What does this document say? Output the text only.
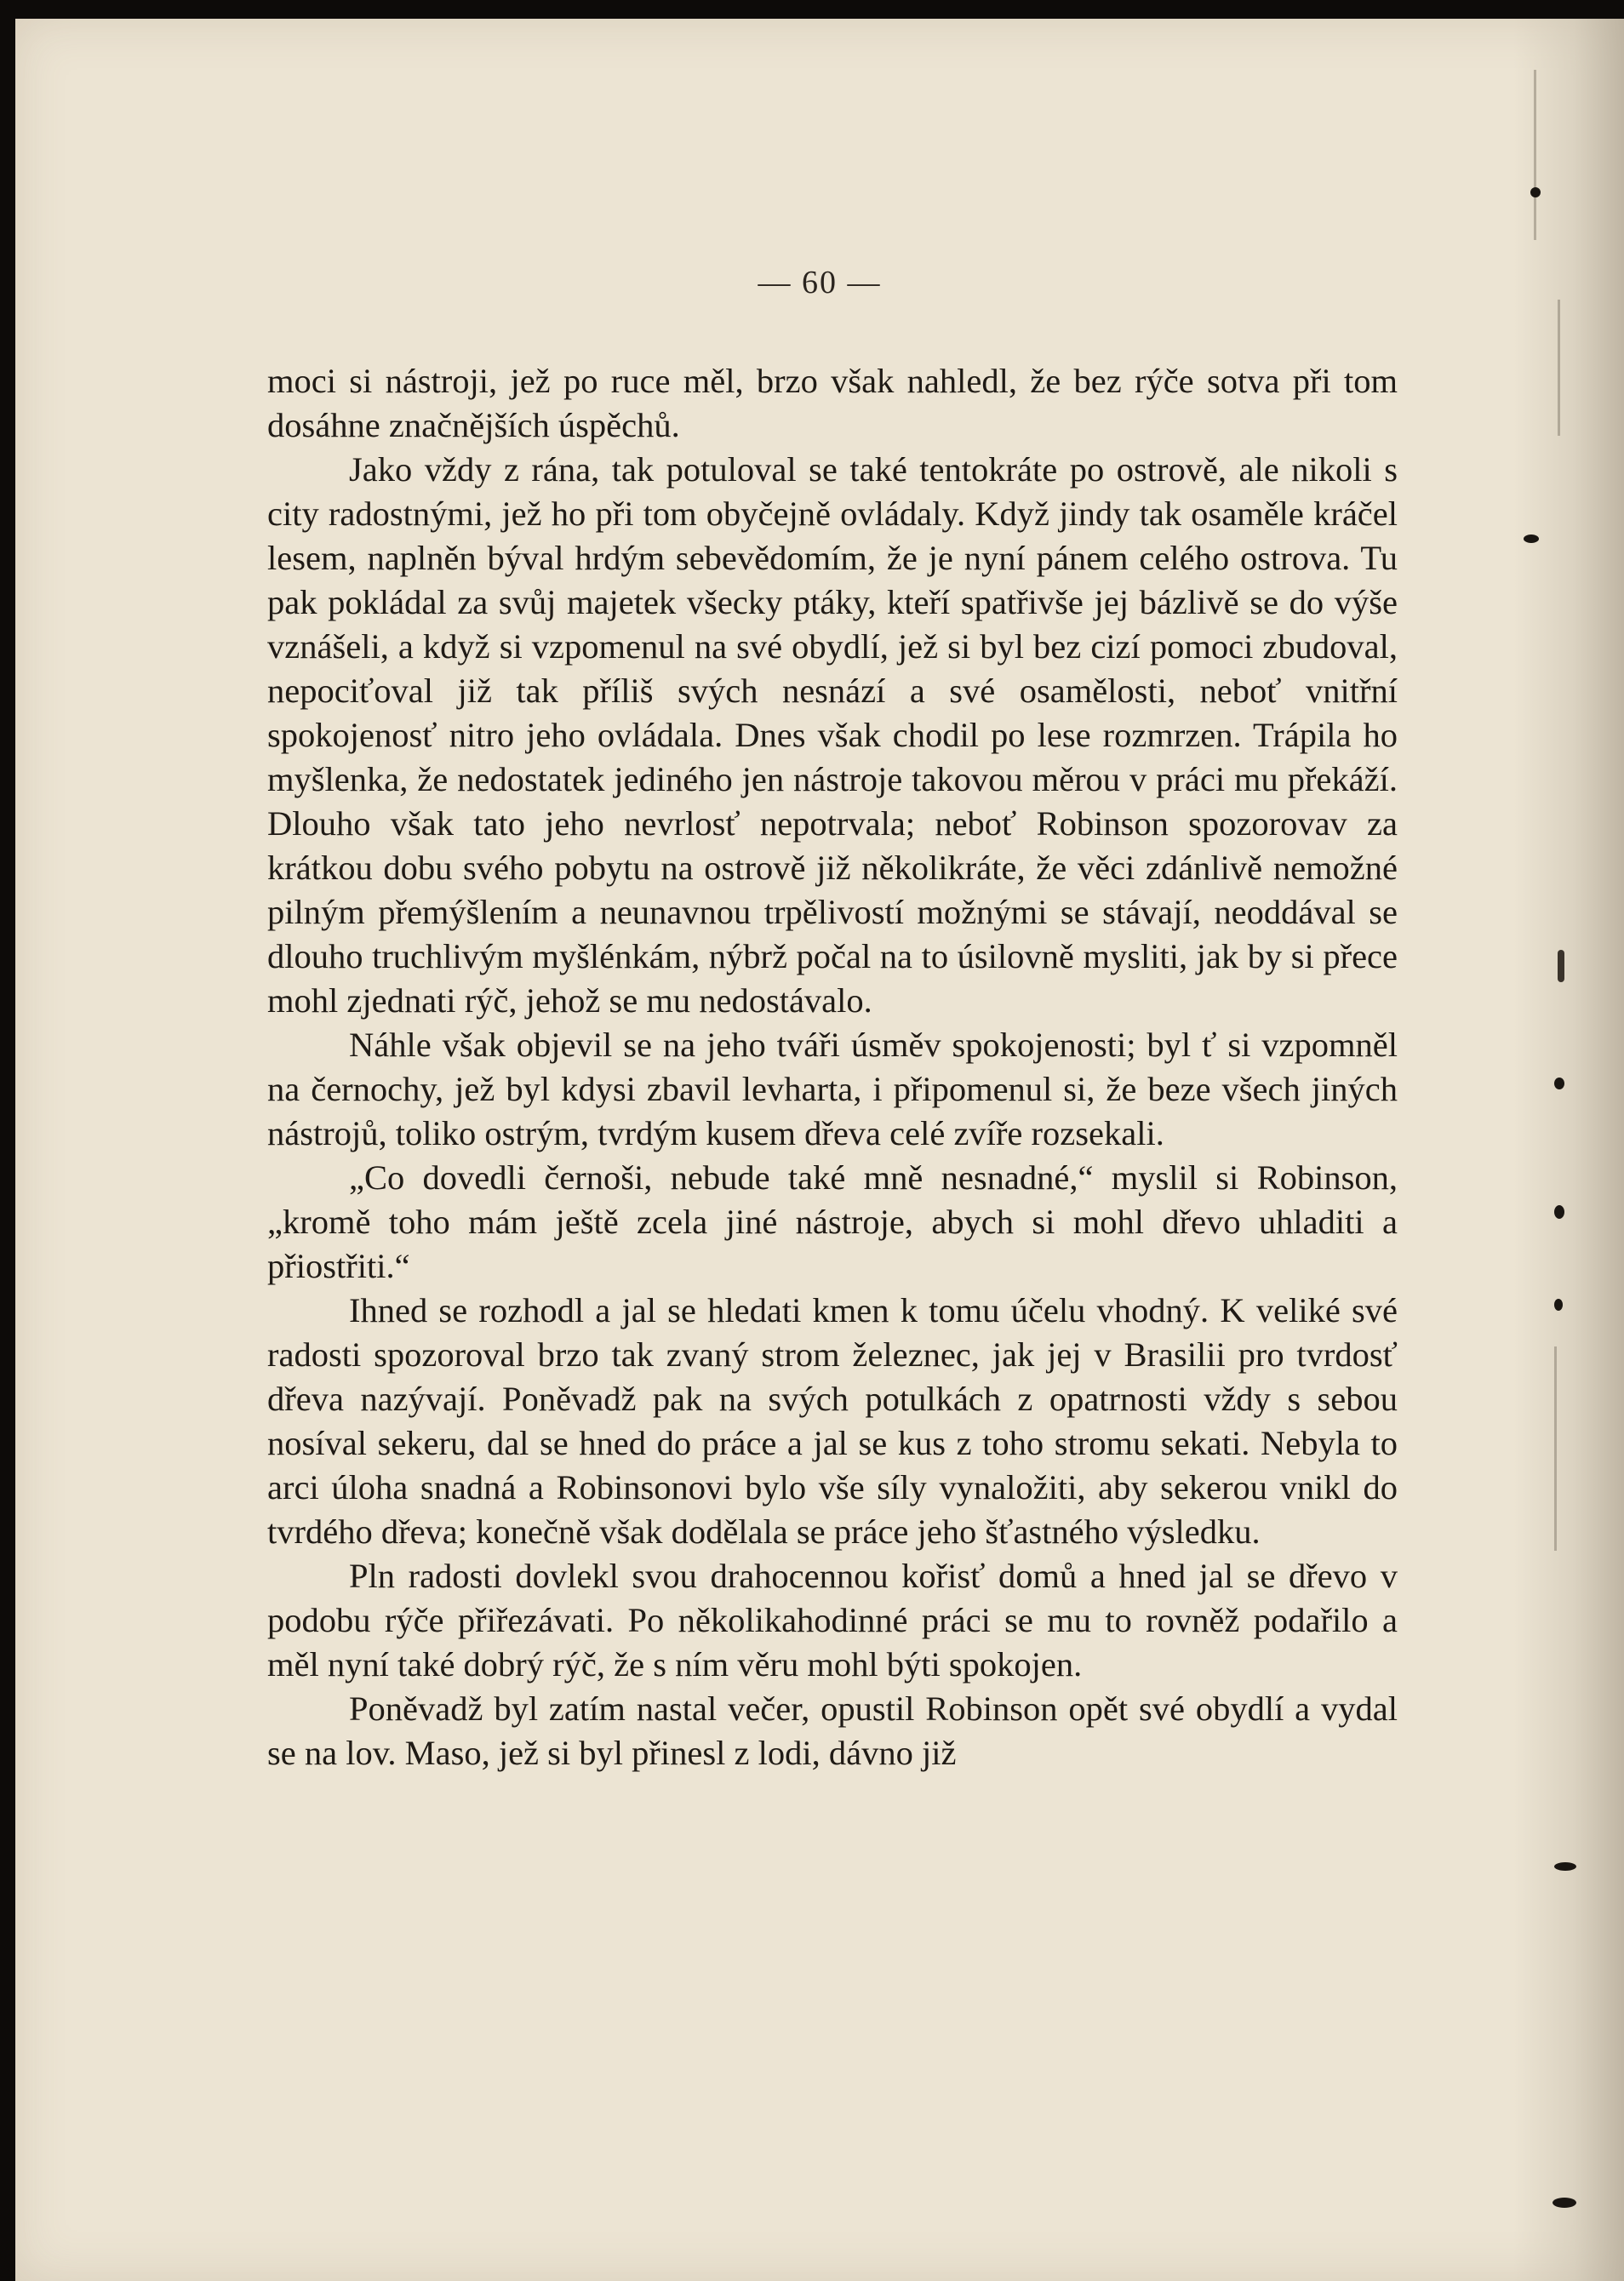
— 60 —

moci si nástroji, jež po ruce měl, brzo však nahledl, že bez rýče sotva při tom dosáhne značnějších úspěchů.

Jako vždy z rána, tak potuloval se také tentokráte po ostrově, ale nikoli s city radostnými, jež ho při tom obyčejně ovládaly. Když jindy tak osaměle kráčel lesem, naplněn býval hrdým sebevědomím, že je nyní pánem celého ostrova. Tu pak pokládal za svůj majetek všecky ptáky, kteří spatřivše jej bázlivě se do výše vznášeli, a když si vzpomenul na své obydlí, jež si byl bez cizí pomoci zbudoval, nepociťoval již tak příliš svých nesnází a své osamělosti, neboť vnitřní spokojenosť nitro jeho ovládala. Dnes však chodil po lese rozmrzen. Trápila ho myšlenka, že nedostatek jediného jen nástroje takovou měrou v práci mu překáží. Dlouho však tato jeho nevrlosť nepotrvala; neboť Robinson spozorovav za krátkou dobu svého pobytu na ostrově již několikráte, že věci zdánlivě nemožné pilným přemýšlením a neunavnou trpělivostí možnými se stávají, neoddával se dlouho truchlivým myšlénkám, nýbrž počal na to úsilovně mysliti, jak by si přece mohl zjednati rýč, jehož se mu nedostávalo.

Náhle však objevil se na jeho tváři úsměv spokojenosti; byl ť si vzpomněl na černochy, jež byl kdysi zbavil levharta, i připomenul si, že beze všech jiných nástrojů, toliko ostrým, tvrdým kusem dřeva celé zvíře rozsekali.

„Co dovedli černoši, nebude také mně nesnadné,“ myslil si Robinson, „kromě toho mám ještě zcela jiné nástroje, abych si mohl dřevo uhladiti a přiostřiti.“

Ihned se rozhodl a jal se hledati kmen k tomu účelu vhodný. K veliké své radosti spozoroval brzo tak zvaný strom železnec, jak jej v Brasilii pro tvrdosť dřeva nazývají. Poněvadž pak na svých potulkách z opatrnosti vždy s sebou nosíval sekeru, dal se hned do práce a jal se kus z toho stromu sekati. Nebyla to arci úloha snadná a Robinsonovi bylo vše síly vynaložiti, aby sekerou vnikl do tvrdého dřeva; konečně však dodělala se práce jeho šťastného výsledku.

Pln radosti dovlekl svou drahocennou kořisť domů a hned jal se dřevo v podobu rýče přiřezávati. Po několikahodinné práci se mu to rovněž podařilo a měl nyní také dobrý rýč, že s ním věru mohl býti spokojen.

Poněvadž byl zatím nastal večer, opustil Robinson opět své obydlí a vydal se na lov. Maso, jež si byl přinesl z lodi, dávno již
